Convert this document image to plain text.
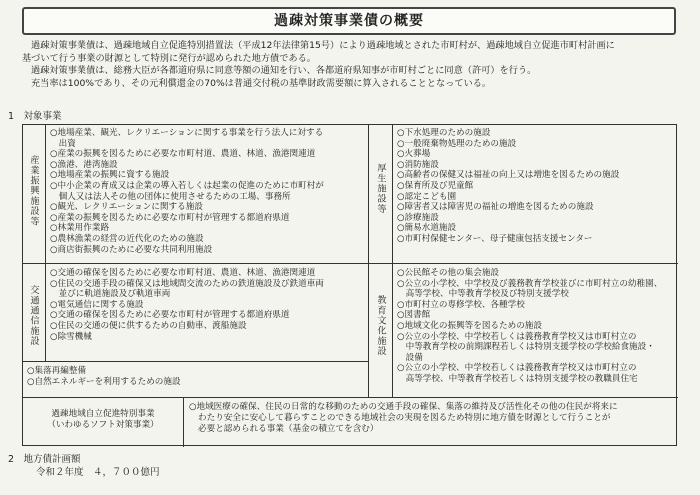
過疎対策事業債の概要

過疎対策事業債は、過疎地域自立促進特別措置法（平成12年法律第15号）により過疎地域とされた市町村が、過疎地域自立促進市町村計画に

基づいて行う事業の財源として特別に発行が認められた地方債である。

過疎対策事業債は、総務大臣が各都道府県に同意等額の通知を行い、各都道府県知事が市町村ごとに同意（許可）を行う。

充当率は100%であり、その元利償還金の70%は普通交付税の基準財政需要額に算入されることとなっている。

1　対象事業
産業振興施設等
交通通信施設
厚生施設等
教育文化施設
○地場産業、観光、レクリエーションに関する事業を行う法人に対する
　出資
○産業の振興を図るために必要な市町村道、農道、林道、漁港関連道
○漁港、港湾施設
○地場産業の振興に資する施設
○中小企業の育成又は企業の導入若しくは起業の促進のために市町村が
　個人又は法人その他の団体に使用させるための工場、事務所
○観光、レクリエーションに関する施設
○産業の振興を図るために必要な市町村が管理する都道府県道
○林業用作業路
○農林漁業の経営の近代化のための施設
○商店街振興のために必要な共同利用施設
○交通の確保を図るために必要な市町村道、農道、林道、漁港関連道
○住民の交通手段の確保又は地域間交流のための鉄道施設及び鉄道車両
　並びに軌道施設及び軌道車両
○電気通信に関する施設
○交通の確保を図るために必要な市町村が管理する都道府県道
○住民の交通の便に供するための自動車、渡船施設
○除雪機械
○集落再編整備
○自然エネルギーを利用するための施設
○下水処理のための施設
○一般廃棄物処理のための施設
○火葬場
○消防施設
○高齢者の保健又は福祉の向上又は増進を図るための施設
○保育所及び児童館
○認定こども園
○障害者又は障害児の福祉の増進を図るための施設
○診療施設
○簡易水道施設
○市町村保健センター、母子健康包括支援センター
○公民館その他の集会施設
○公立の小学校、中学校及び義務教育学校並びに市町村立の幼稚園、
　高等学校、中等教育学校及び特別支援学校
○市町村立の専修学校、各種学校
○図書館
○地域文化の振興等を図るための施設
○公立の小学校、中学校若しくは義務教育学校又は市町村立の
　中等教育学校の前期課程若しくは特別支援学校の学校給食施設・
　設備
○公立の小学校、中学校若しくは義務教育学校又は市町村立の
　高等学校、中等教育学校若しくは特別支援学校の教職員住宅
過疎地域自立促進特別事業
（いわゆるソフト対策事業）
○地域医療の確保、住民の日常的な移動のための交通手段の確保、集落の維持及び活性化その他の住民が将来に
わたり安全に安心して暮らすことのできる地域社会の実現を図るため特別に地方債を財源として行うことが
必要と認められる事業（基金の積立てを含む）
2　地方債計画額
令和２年度　４，７００億円
